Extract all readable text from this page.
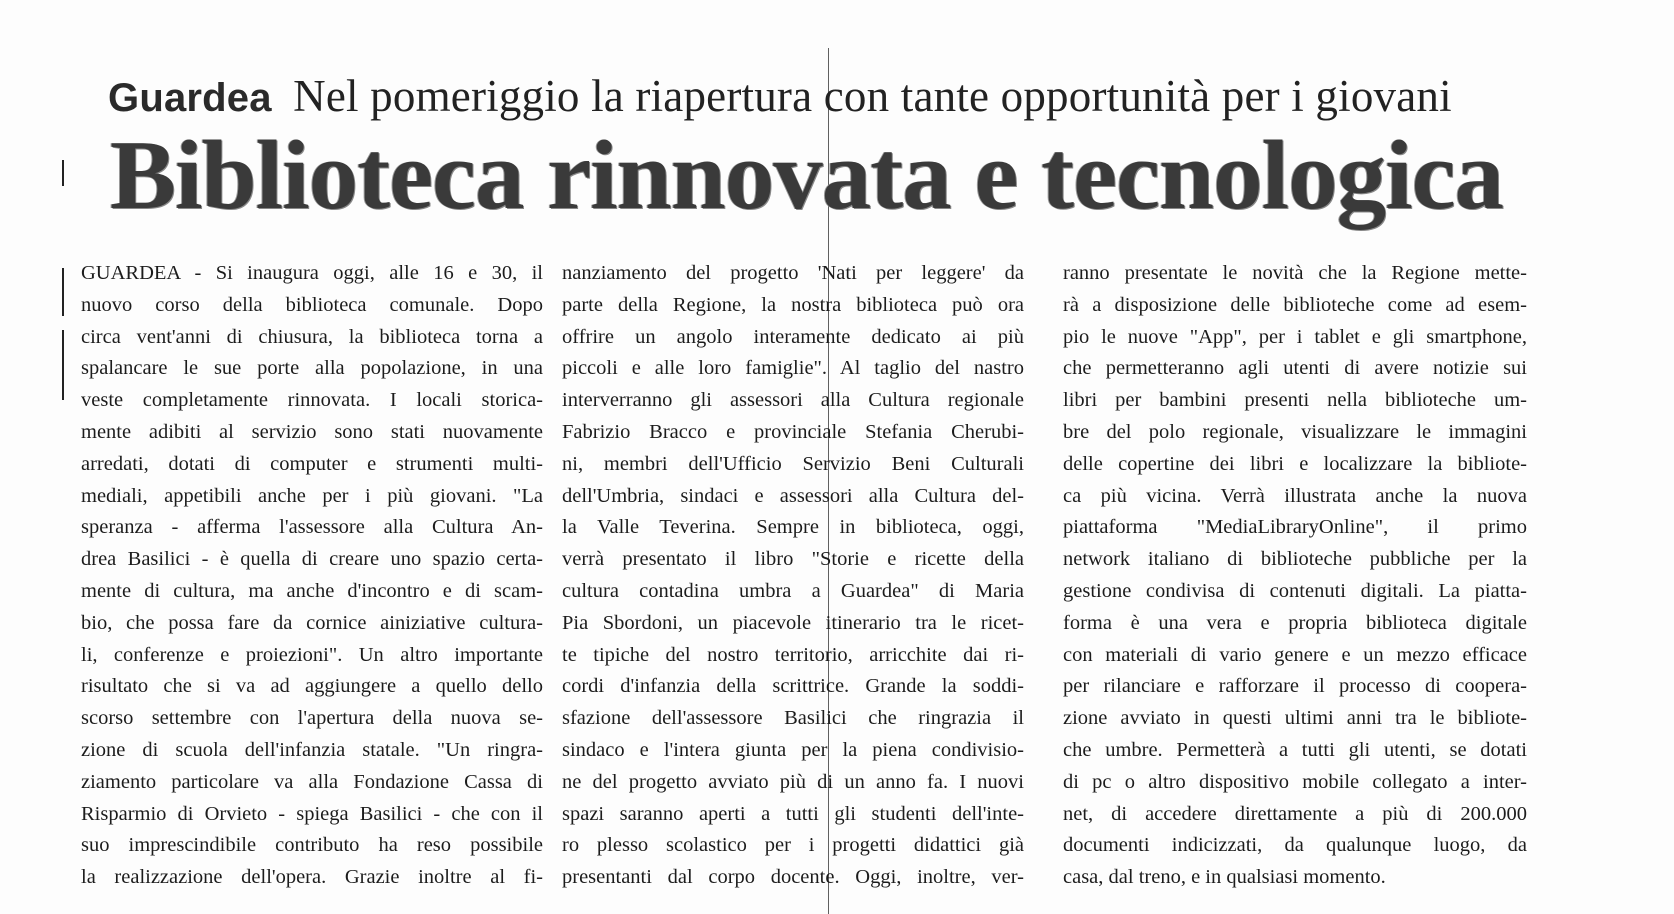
Guardea Nel pomeriggio la riapertura con tante opportunità per i giovani
Biblioteca rinnovata e tecnologica

GUARDEA - Si inaugura oggi, alle 16 e 30, il

nuovo corso della biblioteca comunale. Dopo

circa vent'anni di chiusura, la biblioteca torna a

spalancare le sue porte alla popolazione, in una

veste completamente rinnovata. I locali storica-

mente adibiti al servizio sono stati nuovamente

arredati, dotati di computer e strumenti multi-

mediali, appetibili anche per i più giovani. "La

speranza - afferma l'assessore alla Cultura An-

drea Basilici - è quella di creare uno spazio certa-

mente di cultura, ma anche d'incontro e di scam-

bio, che possa fare da cornice ainiziative cultura-

li, conferenze e proiezioni". Un altro importante

risultato che si va ad aggiungere a quello dello

scorso settembre con l'apertura della nuova se-

zione di scuola dell'infanzia statale. "Un ringra-

ziamento particolare va alla Fondazione Cassa di

Risparmio di Orvieto - spiega Basilici - che con il

suo imprescindibile contributo ha reso possibile

la realizzazione dell'opera. Grazie inoltre al fi-

nanziamento del progetto 'Nati per leggere' da

parte della Regione, la nostra biblioteca può ora

offrire un angolo interamente dedicato ai più

piccoli e alle loro famiglie". Al taglio del nastro

interverranno gli assessori alla Cultura regionale

Fabrizio Bracco e provinciale Stefania Cherubi-

ni, membri dell'Ufficio Servizio Beni Culturali

dell'Umbria, sindaci e assessori alla Cultura del-

la Valle Teverina. Sempre in biblioteca, oggi,

verrà presentato il libro "Storie e ricette della

cultura contadina umbra a Guardea" di Maria

Pia Sbordoni, un piacevole itinerario tra le ricet-

te tipiche del nostro territorio, arricchite dai ri-

cordi d'infanzia della scrittrice. Grande la soddi-

sfazione dell'assessore Basilici che ringrazia il

sindaco e l'intera giunta per la piena condivisio-

ne del progetto avviato più di un anno fa. I nuovi

spazi saranno aperti a tutti gli studenti dell'inte-

ro plesso scolastico per i progetti didattici già

presentanti dal corpo docente. Oggi, inoltre, ver-

ranno presentate le novità che la Regione mette-

rà a disposizione delle biblioteche come ad esem-

pio le nuove "App", per i tablet e gli smartphone,

che permetteranno agli utenti di avere notizie sui

libri per bambini presenti nella biblioteche um-

bre del polo regionale, visualizzare le immagini

delle copertine dei libri e localizzare la bibliote-

ca più vicina. Verrà illustrata anche la nuova

piattaforma "MediaLibraryOnline", il primo

network italiano di biblioteche pubbliche per la

gestione condivisa di contenuti digitali. La piatta-

forma è una vera e propria biblioteca digitale

con materiali di vario genere e un mezzo efficace

per rilanciare e rafforzare il processo di coopera-

zione avviato in questi ultimi anni tra le bibliote-

che umbre. Permetterà a tutti gli utenti, se dotati

di pc o altro dispositivo mobile collegato a inter-

net, di accedere direttamente a più di 200.000

documenti indicizzati, da qualunque luogo, da

casa, dal treno, e in qualsiasi momento.
